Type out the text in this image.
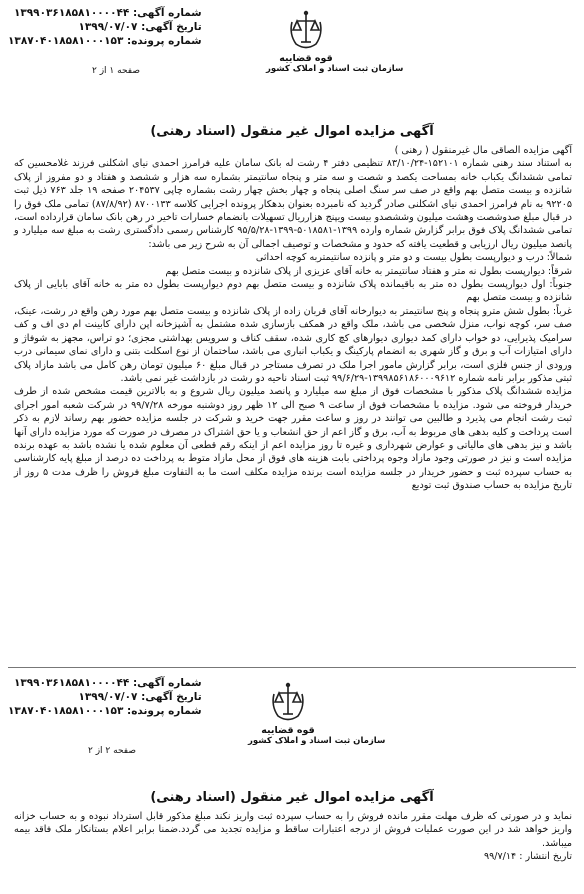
شماره آگهی: ۱۳۹۹۰۳۶۱۸۵۸۱۰۰۰۰۴۴
تاریخ آگهی: ۱۳۹۹/۰۷/۰۷
شماره پرونده: ۱۳۸۷۰۴۰۱۸۵۸۱۰۰۰۱۵۳
قوه قضاییه
سازمان ثبت اسناد و املاک کشور
صفحه ۱ از ۲
آگهی مزایده اموال غیر منقول (اسناد رهنی)

آگهی مزایده الصاقی مال غیرمنقول ( رهنی )

به استناد سند رهنی شماره ۱۵۲۱۰۱-۸۳/۱۰/۲۴ تنظیمی دفتر ۴ رشت له بانک سامان علیه فرامرز احمدی نیای اشکلنی فرزند غلامحسین که تمامی ششدانگ یکباب خانه بمساحت یکصد و شصت و سه متر و پنجاه سانتیمتر بشماره سه هزار و ششصد و هفتاد و دو مفروز از پلاک شانزده و بیست متصل بهم واقع در صف سر سنگ اصلی پنجاه و چهار بخش چهار رشت بشماره چاپی ۲۰۴۵۳۷ صفحه ۱۹ جلد ۷۶۳ ذیل ثبت ۹۲۲۰۵ به نام فرامرز احمدی نیای اشکلنی صادر گردید که نامبرده بعنوان بدهکار پرونده اجرایی کلاسه ۸۷۰۰۱۳۳ (۸۷/۸/۹۲) تمامی ملک فوق را در قبال مبلغ صدوشصت وهشت میلیون وششصدو بیست ویپنج هزارریال تسهیلات بانضمام خسارات تاخیر در رهن بانک سامان قرارداده است، تمامی ششدانگ پلاک فوق برابر گزارش شماره وارده ۱۳۹۹-۵۰۱۸۵۸۱-۱۳۹۹-۹۵/۵/۲۸ کارشناس رسمی دادگستری رشت به مبلغ سه میلیارد و پانصد میلیون ریال ارزیابی و قطعیت یافته که حدود و مشخصات و توصیف اجمالی آن به شرح زیر می باشد:

شمالاً: درب و دیوارپست بطول بیست و دو متر و پانزده سانتیمتربه کوچه احداثی

شرقاً: دیوارپست بطول نه متر و هفتاد سانتیمتر به خانه آقای عزیزی از پلاک شانزده و بیست متصل بهم

جنوباً: اول دیوارپست بطول ده متر به باقیمانده پلاک شانزده و بیست متصل بهم دوم دیوارپست بطول ده متر به خانه آقای بابایی از پلاک شانزده و بیست متصل بهم

غرباً: بطول شش مترو پنجاه و پنج سانتیمتر به دیوارخانه آقای قربان زاده از پلاک شانزده و بیست متصل بهم مورد رهن واقع در رشت، عینک، صف سر، کوچه نواب، منزل شخصی می باشد، ملک واقع در همکف بازسازی شده مشتمل به آشپزخانه اپن دارای کابینت ام دی اف و کف سرامیک پذیرایی، دو خواب دارای کمد دیواری دیوارهای کچ کاری شده، سقف کناف و سرویس بهداشتی مجزی؛ دو تراس، مجهز به شوفاژ و دارای امتیازات آب و برق و گاز شهری به انضمام پارکینگ و یکباب انباری می باشد، ساختمان از نوع اسکلت بتنی و دارای نمای سیمانی درب ورودی از جنس فلزی است، برابر گزارش مامور اجرا ملک در تصرف مستاجر در قبال مبلغ ۶۰ میلیون تومان رهن کامل می باشد مازاد پلاک ثبتی مذکور برابر نامه شماره ۱۳۹۹۸۵۶۱۸۶۰۰۰۹۶۱۲-۹۹/۶/۲۹ ثبت اسناد ناحیه دو رشت در بازداشت غیر نمی باشد.

مزایده ششدانگ پلاک مذکور با مشخصات فوق از مبلغ سه میلیارد و پانصد میلیون ریال شروع و به بالاترین قیمت مشخص شده از طرف خریدار فروخته می شود. مزایده با مشخصات فوق از ساعت ۹ صبح الی ۱۲ ظهر روز دوشنبه مورخه ۹۹/۷/۲۸ در شرکت شعبه امور اجرای ثبت رشت انجام می پذیرد و طالبین می توانند در روز و ساعت مقرر جهت خرید و شرکت در جلسه مزایده حضور بهم رساند لازم به ذکر است پرداخت و کلیه بدهی های مربوط به آب، برق و گاز اعم از حق انشعاب و یا حق اشتراک در مصرف در صورت که مورد مزایده دارای آنها باشد و نیز بدهی های مالیاتی و عوارض شهرداری و غیره تا روز مزایده اعم از اینکه رقم قطعی آن معلوم شده یا نشده باشد به عهده برنده مزایده است و نیز در صورتی وجود مازاد وجوه پرداختی بابت هزینه های فوق از محل مازاد متوط به پرداخت ده درصد از مبلغ پایه کارشناسی به حساب سپرده ثبت و حضور خریدار در جلسه مزایده است برنده مزایده مکلف است ما به التفاوت مبلغ فروش را ظرف مدت ۵ روز از تاریخ مزایده به حساب صندوق ثبت تودیع

شماره آگهی: ۱۳۹۹۰۳۶۱۸۵۸۱۰۰۰۰۴۴
تاریخ آگهی: ۱۳۹۹/۰۷/۰۷
شماره پرونده: ۱۳۸۷۰۴۰۱۸۵۸۱۰۰۰۱۵۳
قوه قضاییه
سازمان ثبت اسناد و املاک کشور
صفحه ۲ از ۲
آگهی مزایده اموال غیر منقول (اسناد رهنی)

نماید و در صورتی که ظرف مهلت مقرر مانده فروش را به حساب سپرده ثبت واریز نکند مبلغ مذکور قابل استرداد نبوده و به حساب خزانه واریز خواهد شد در این صورت عملیات فروش از درجه اعتبارات ساقط و مزایده تجدید می گردد.ضمنا برابر اعلام بستانکار ملک فاقد بیمه میباشد.

تاریخ انتشار : ۹۹/۷/۱۴
